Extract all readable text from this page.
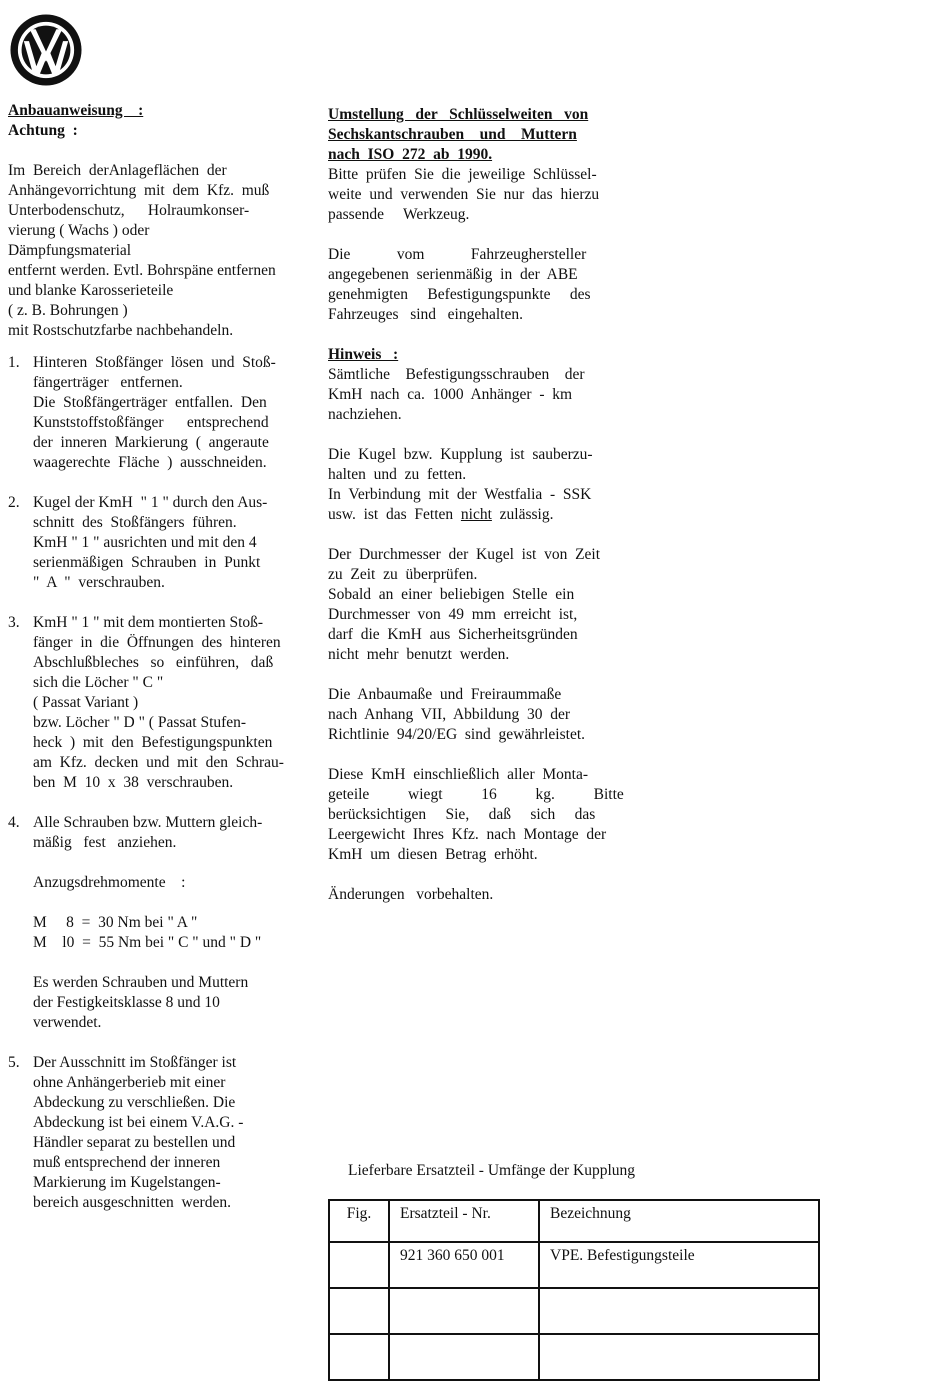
Anbauanweisung    :
Achtung  :
Im  Bereich  derAnlageflächen  der
Anhängevorrichtung  mit  dem  Kfz.  muß
Unterbodenschutz,      Holraumkonser-
vierung ( Wachs ) oder
Dämpfungsmaterial
entfernt werden. Evtl. Bohrspäne entfernen
und blanke Karosserieteile
( z. B. Bohrungen )
mit Rostschutzfarbe nachbehandeln.
1. Hinteren  Stoßfänger  lösen  und  Stoß-
fängerträger   entfernen.
Die  Stoßfängerträger  entfallen.  Den
Kunststoffstoßfänger      entsprechend
der  inneren  Markierung  (  angeraute
waagerechte  Fläche  )  ausschneiden.
2. Kugel der KmH  " 1 " durch den Aus-
schnitt  des  Stoßfängers  führen.
KmH " 1 " ausrichten und mit den 4
serienmäßigen  Schrauben  in  Punkt
"  A  "  verschrauben.
3. KmH " 1 " mit dem montierten Stoß-
fänger  in  die  Öffnungen  des  hinteren
Abschlußbleches   so   einführen,   daß
sich die Löcher " C "
( Passat Variant )
bzw. Löcher " D " ( Passat Stufen-
heck  )  mit  den  Befestigungspunkten
am  Kfz.  decken  und  mit  den  Schrau-
ben  M  10  x  38  verschrauben.
4. Alle Schrauben bzw. Muttern gleich-
mäßig   fest   anziehen.
Anzugsdrehmomente    :
M     8  =  30 Nm bei " A "
M    l0  =  55 Nm bei " C " und " D "
Es werden Schrauben und Muttern
der Festigkeitsklasse 8 und 10
verwendet.
5. Der Ausschnitt im Stoßfänger ist
ohne Anhängerberieb mit einer
Abdeckung zu verschließen. Die
Abdeckung ist bei einem V.A.G. -
Händler separat zu bestellen und
muß entsprechend der inneren
Markierung im Kugelstangen-
bereich ausgeschnitten  werden.
Umstellung   der   Schlüsselweiten   von
Sechskantschrauben    und    Muttern
nach  ISO  272  ab  1990.
Bitte  prüfen  Sie  die  jeweilige  Schlüssel-
weite  und  verwenden  Sie  nur  das  hierzu
passende     Werkzeug.
Die            vom            Fahrzeughersteller
angegebenen  serienmäßig  in  der  ABE
genehmigten     Befestigungspunkte     des
Fahrzeuges   sind   eingehalten.
Hinweis   :
Sämtliche    Befestigungsschrauben    der
KmH  nach  ca.  1000  Anhänger  -  km
nachziehen.
Die  Kugel  bzw.  Kupplung  ist  sauberzu-
halten  und  zu  fetten.
In  Verbindung  mit  der  Westfalia  -  SSK
usw.  ist  das  Fetten  nicht  zulässig.
Der  Durchmesser  der  Kugel  ist  von  Zeit
zu  Zeit  zu  überprüfen.
Sobald  an  einer  beliebigen  Stelle  ein
Durchmesser  von  49  mm  erreicht  ist,
darf  die  KmH  aus  Sicherheitsgründen
nicht  mehr  benutzt  werden.
Die  Anbaumaße  und  Freiraummaße
nach  Anhang  VII,  Abbildung  30  der
Richtlinie  94/20/EG  sind  gewährleistet.
Diese  KmH  einschließlich  aller  Monta-
geteile          wiegt          16          kg.          Bitte
berücksichtigen     Sie,     daß     sich     das
Leergewicht  Ihres  Kfz.  nach  Montage  der
KmH  um  diesen  Betrag  erhöht.
Änderungen   vorbehalten.
Lieferbare Ersatzteil - Umfänge der Kupplung
Fig.	Ersatzteil - Nr.	Bezeichnung
	921 360 650 001	VPE. Befestigungsteile
